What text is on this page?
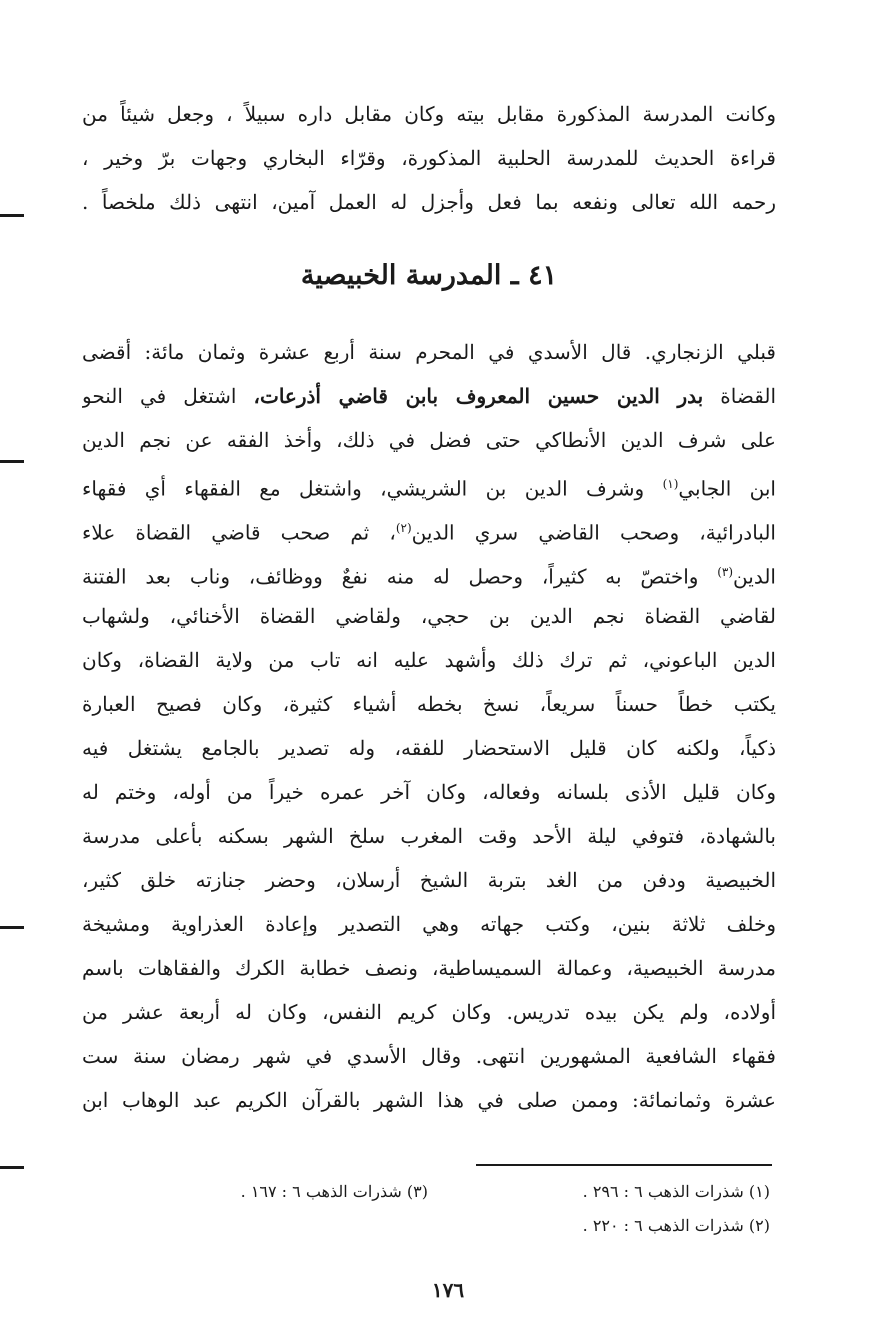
وكانت المدرسة المذكورة مقابل بيته وكان مقابل داره سبيلاً ، وجعل شيئاً من
قراءة الحديث للمدرسة الحلبية المذكورة، وقرّاء البخاري وجهات برّ وخير ،
رحمه الله تعالى ونفعه بما فعل وأجزل له العمل آمين، انتهى ذلك ملخصاً .
٤١ ـ المدرسة الخبيصية
قبلي الزنجاري. قال الأسدي في المحرم سنة أربع عشرة وثمان مائة: أقضى
القضاة بدر الدين حسين المعروف بابن قاضي أذرعات، اشتغل في النحو
على شرف الدين الأنطاكي حتى فضل في ذلك، وأخذ الفقه عن نجم الدين
ابن الجابي$^{(١)}$ وشرف الدين بن الشريشي، واشتغل مع الفقهاء أي فقهاء
البادرائية، وصحب القاضي سري الدين$^{(٢)}$، ثم صحب قاضي القضاة علاء
الدين$^{(٣)}$ واختصّ به كثيراً، وحصل له منه نفعٌ ووظائف، وناب بعد الفتنة
لقاضي القضاة نجم الدين بن حجي، ولقاضي القضاة الأخنائي، ولشهاب
الدين الباعوني، ثم ترك ذلك وأشهد عليه انه تاب من ولاية القضاة، وكان
يكتب خطاً حسناً سريعاً، نسخ بخطه أشياء كثيرة، وكان فصيح العبارة
ذكياً، ولكنه كان قليل الاستحضار للفقه، وله تصدير بالجامع يشتغل فيه
وكان قليل الأذى بلسانه وفعاله، وكان آخر عمره خيراً من أوله، وختم له
بالشهادة، فتوفي ليلة الأحد وقت المغرب سلخ الشهر بسكنه بأعلى مدرسة
الخبيصية ودفن من الغد بتربة الشيخ أرسلان، وحضر جنازته خلق كثير،
وخلف ثلاثة بنين، وكتب جهاته وهي التصدير وإعادة العذراوية ومشيخة
مدرسة الخبيصية، وعمالة السميساطية، ونصف خطابة الكرك والفقاهات باسم
أولاده، ولم يكن بيده تدريس. وكان كريم النفس، وكان له أربعة عشر من
فقهاء الشافعية المشهورين انتهى. وقال الأسدي في شهر رمضان سنة ست
عشرة وثمانمائة: وممن صلى في هذا الشهر بالقرآن الكريم عبد الوهاب ابن
(١) شذرات الذهب ٦ : ٢٩٦ .
(٢) شذرات الذهب ٦ : ٢٢٠ .
(٣) شذرات الذهب ٦ : ١٦٧ .
١٧٦
